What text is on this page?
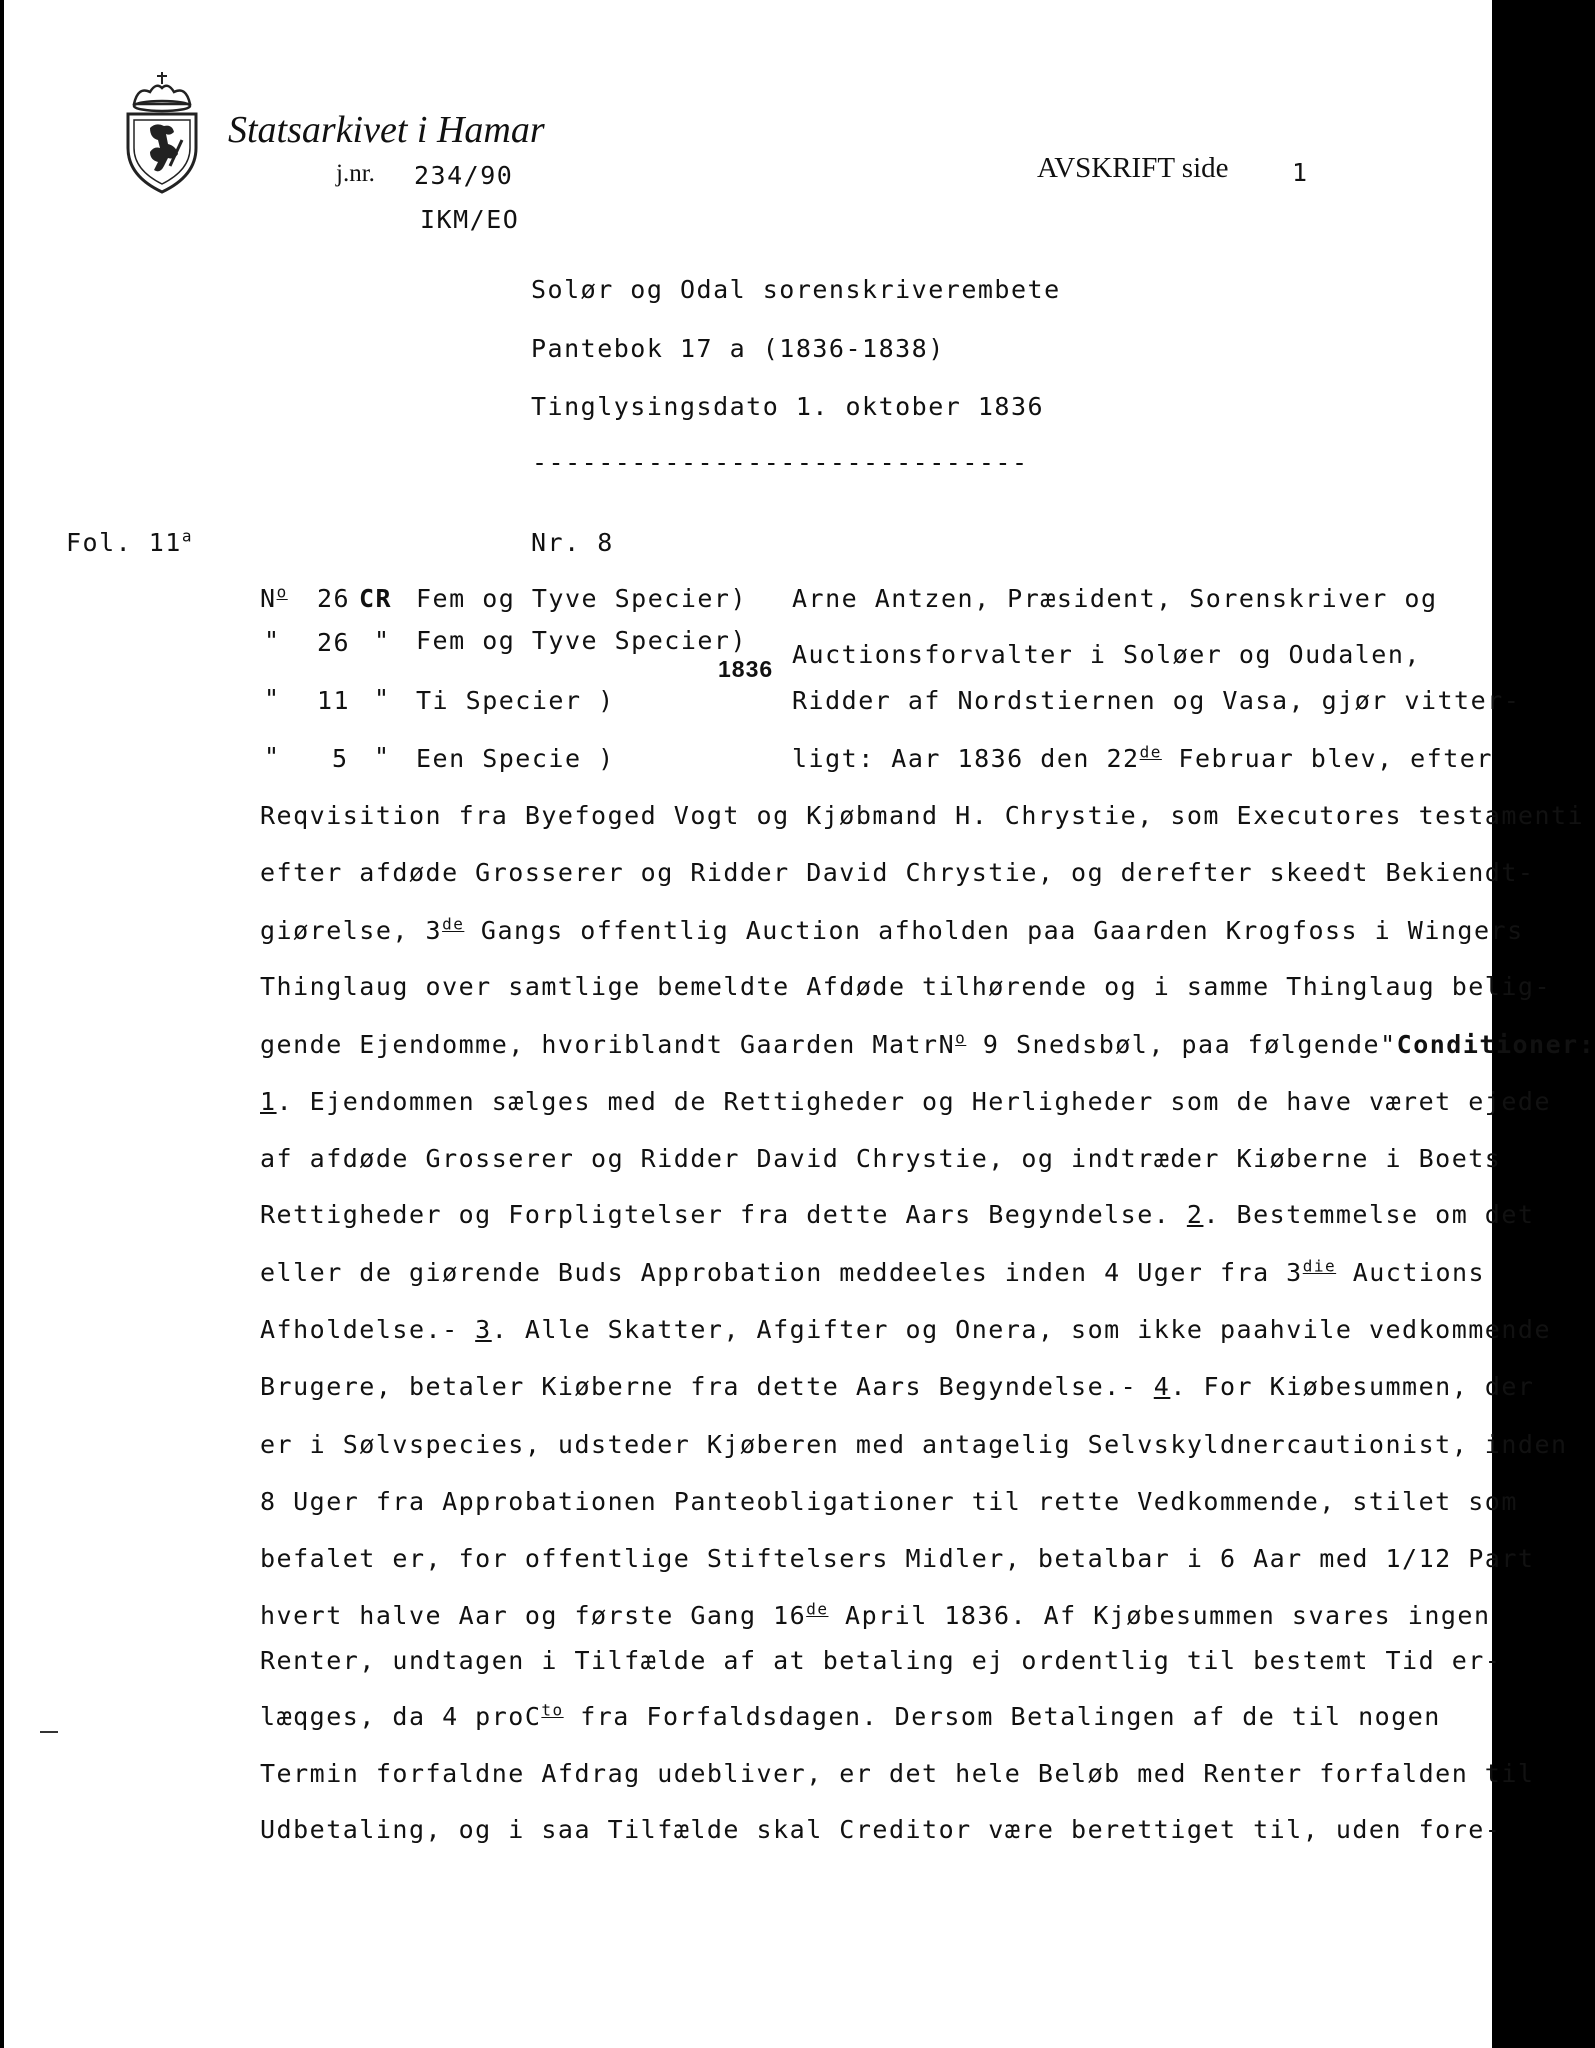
Statsarkivet i Hamar
j.nr. 234/90
IKM/EO
AVSKRIFT side	1
Solør og Odal sorenskriverembete
Pantebok 17 a (1836-1838)
Tinglysingsdato 1. oktober 1836
------------------------------
Fol. 11$^a$	Nr. 8
$N^o$ 26 CR Fem og Tyve Specier)
" 26 " Fem og Tyve Specier)
" 11 " Ti Specier )
" 5 " Een Specie )
1836
Arne Antzen, Præsident, Sorenskriver og
Auctionsforvalter i Soløer og Oudalen,
Ridder af Nordstiernen og Vasa, gjør vitter-
ligt: Aar 1836 den 22de Februar blev, efter
Reqvisition fra Byefoged Vogt og Kjøbmand H. Chrystie, som Executores testamenti
efter afdøde Grosserer og Ridder David Chrystie, og derefter skeedt Bekiendt-
giørelse, 3de Gangs offentlig Auction afholden paa Gaarden Krogfoss i Wingers
Thinglaug over samtlige bemeldte Afdøde tilhørende og i samme Thinglaug belig-
gende Ejendomme, hvoriblandt Gaarden MatrN$^o$ 9 Snedsbøl, paa følgende"Conditioner:
1. Ejendommen sælges med de Rettigheder og Herligheder som de have været ejede
af afdøde Grosserer og Ridder David Chrystie, og indtræder Kiøberne i Boets
Rettigheder og Forpligtelser fra dette Aars Begyndelse. 2. Bestemmelse om det
eller de giørende Buds Approbation meddeeles inden 4 Uger fra $3^{die}$ Auctions
Afholdelse.- 3. Alle Skatter, Afgifter og Onera, som ikke paahvile vedkommende
Brugere, betaler Kiøberne fra dette Aars Begyndelse.- 4. For Kiøbesummen, der
er i Sølvspecies, udsteder Kjøberen med antagelig Selvskyldnercautionist, inden
8 Uger fra Approbationen Panteobligationer til rette Vedkommende, stilet som
befalet er, for offentlige Stiftelsers Midler, betalbar i 6 Aar med 1/12 Part
hvert halve Aar og første Gang 16de April 1836. Af Kjøbesummen svares ingen
Renter, undtagen i Tilfælde af at betaling ej ordentlig til bestemt Tid er-
læqges, da 4 proC$^{to}$ fra Forfaldsdagen. Dersom Betalingen af de til nogen
Termin forfaldne Afdrag udebliver, er det hele Beløb med Renter forfalden til
Udbetaling, og i saa Tilfælde skal Creditor være berettiget til, uden fore-
